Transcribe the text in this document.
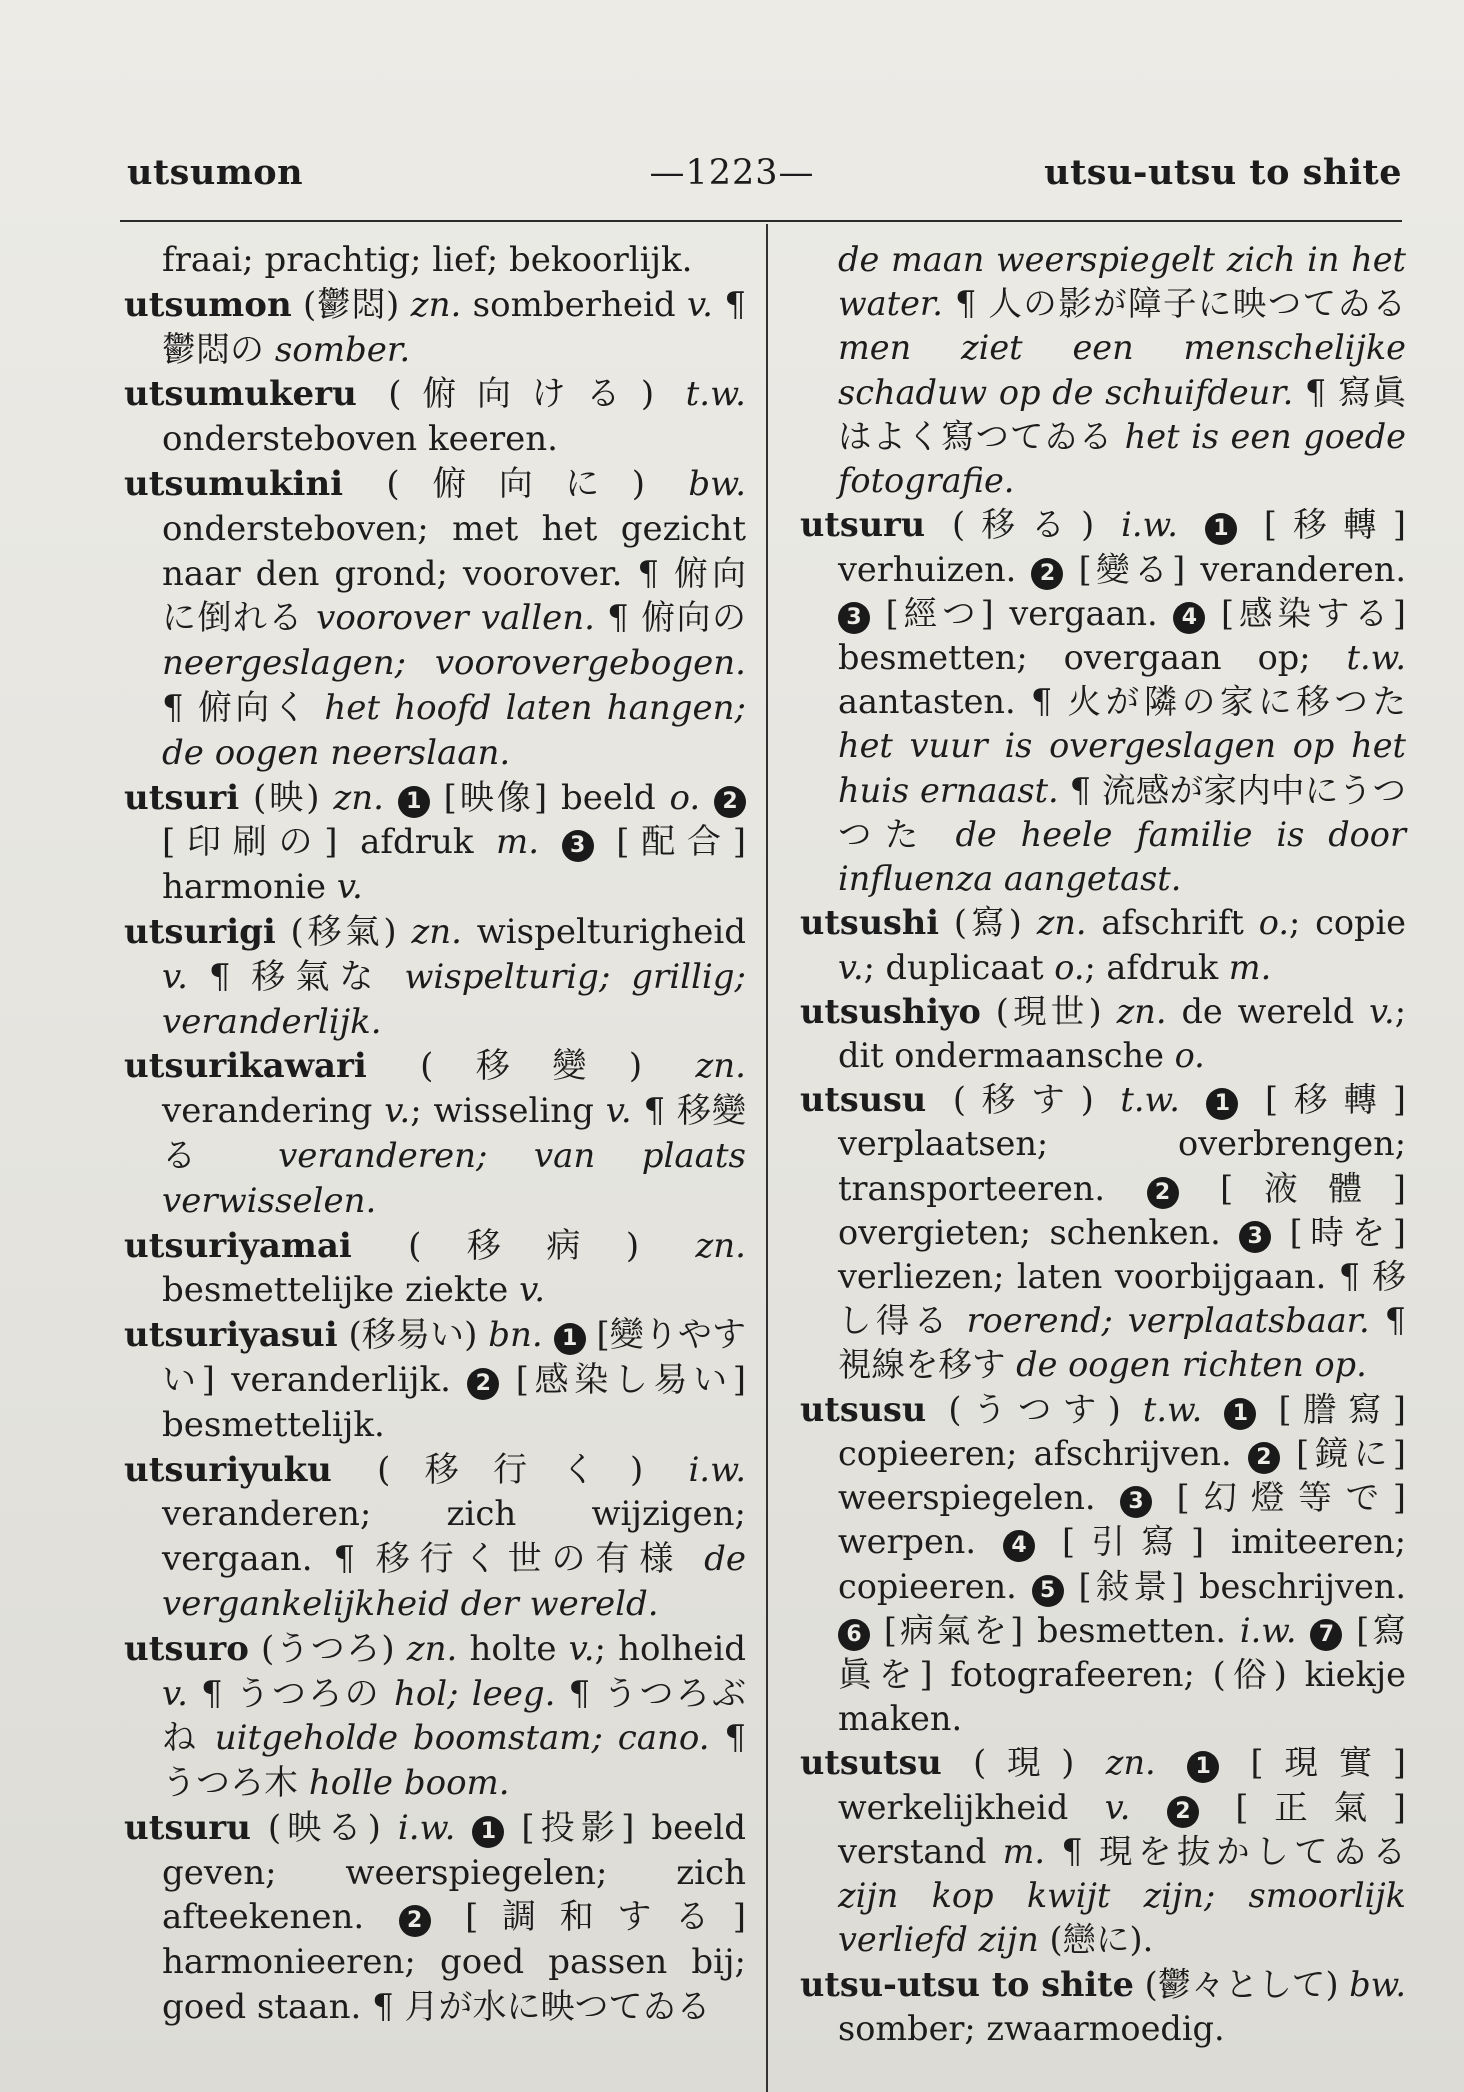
—1223—
utsumon	utsu-utsu to shite

fraai; prachtig; lief; bekoorlijk.

utsumon (鬱悶) zn. somberheid v. ¶ 鬱悶の somber.

utsumukeru (俯向ける) t.w. ondersteboven keeren.

utsumukini (俯向に) bw. ondersteboven; met het gezicht naar den grond; voorover. ¶ 俯向に倒れる voorover vallen. ¶ 俯向の neergeslagen; voorovergebogen. ¶ 俯向く het hoofd laten hangen; de oogen neerslaan.

utsuri (映) zn. 1 [映像] beeld o. 2 [印刷の] afdruk m. 3 [配合] harmonie v.

utsurigi (移氣) zn. wispelturigheid v. ¶ 移氣な wispelturig; grillig; veranderlijk.

utsurikawari (移變) zn. verandering v.; wisseling v. ¶ 移變る veranderen; van plaats verwisselen.

utsuriyamai (移病) zn. besmettelijke ziekte v.

utsuriyasui (移易い) bn. 1 [變りやすい] veranderlijk. 2 [感染し易い] besmettelijk.

utsuriyuku (移行く) i.w. veranderen; zich wijzigen; vergaan. ¶ 移行く世の有様 de vergankelijkheid der wereld.

utsuro (うつろ) zn. holte v.; holheid v. ¶ うつろの hol; leeg. ¶ うつろぶね uitgeholde boomstam; cano. ¶ うつろ木 holle boom.

utsuru (映る) i.w. 1 [投影] beeld geven; weerspiegelen; zich afteekenen. 2 [調和する] harmonieeren; goed passen bij; goed staan. ¶ 月が水に映つてゐる

de maan weerspiegelt zich in het water. ¶ 人の影が障子に映つてゐる men ziet een menschelijke schaduw op de schuifdeur. ¶ 寫眞はよく寫つてゐる het is een goede fotografie.

utsuru (移る) i.w. 1 [移轉] verhuizen. 2 [變る] veranderen. 3 [經つ] vergaan. 4 [感染する] besmetten; overgaan op; t.w. aantasten. ¶ 火が隣の家に移つた het vuur is overgeslagen op het huis ernaast. ¶ 流感が家内中にうつつた de heele familie is door influenza aangetast.

utsushi (寫) zn. afschrift o.; copie v.; duplicaat o.; afdruk m.

utsushiyo (現世) zn. de wereld v.; dit ondermaansche o.

utsusu (移す) t.w. 1 [移轉] verplaatsen; overbrengen; transporteeren. 2 [液體] overgieten; schenken. 3 [時を] verliezen; laten voorbijgaan. ¶ 移し得る roerend; verplaatsbaar. ¶ 視線を移す de oogen richten op.

utsusu (うつす) t.w. 1 [謄寫] copieeren; afschrijven. 2 [鏡に] weerspiegelen. 3 [幻燈等で] werpen. 4 [引寫] imiteeren; copieeren. 5 [敍景] beschrijven. 6 [病氣を] besmetten. i.w. 7 [寫眞を] fotografeeren; (俗) kiekje maken.

utsutsu (現) zn. 1 [現實] werkelijkheid v. 2 [正氣] verstand m. ¶ 現を抜かしてゐる zijn kop kwijt zijn; smoorlijk verliefd zijn (戀に).

utsu-utsu to shite (鬱々として) bw. somber; zwaarmoedig.
